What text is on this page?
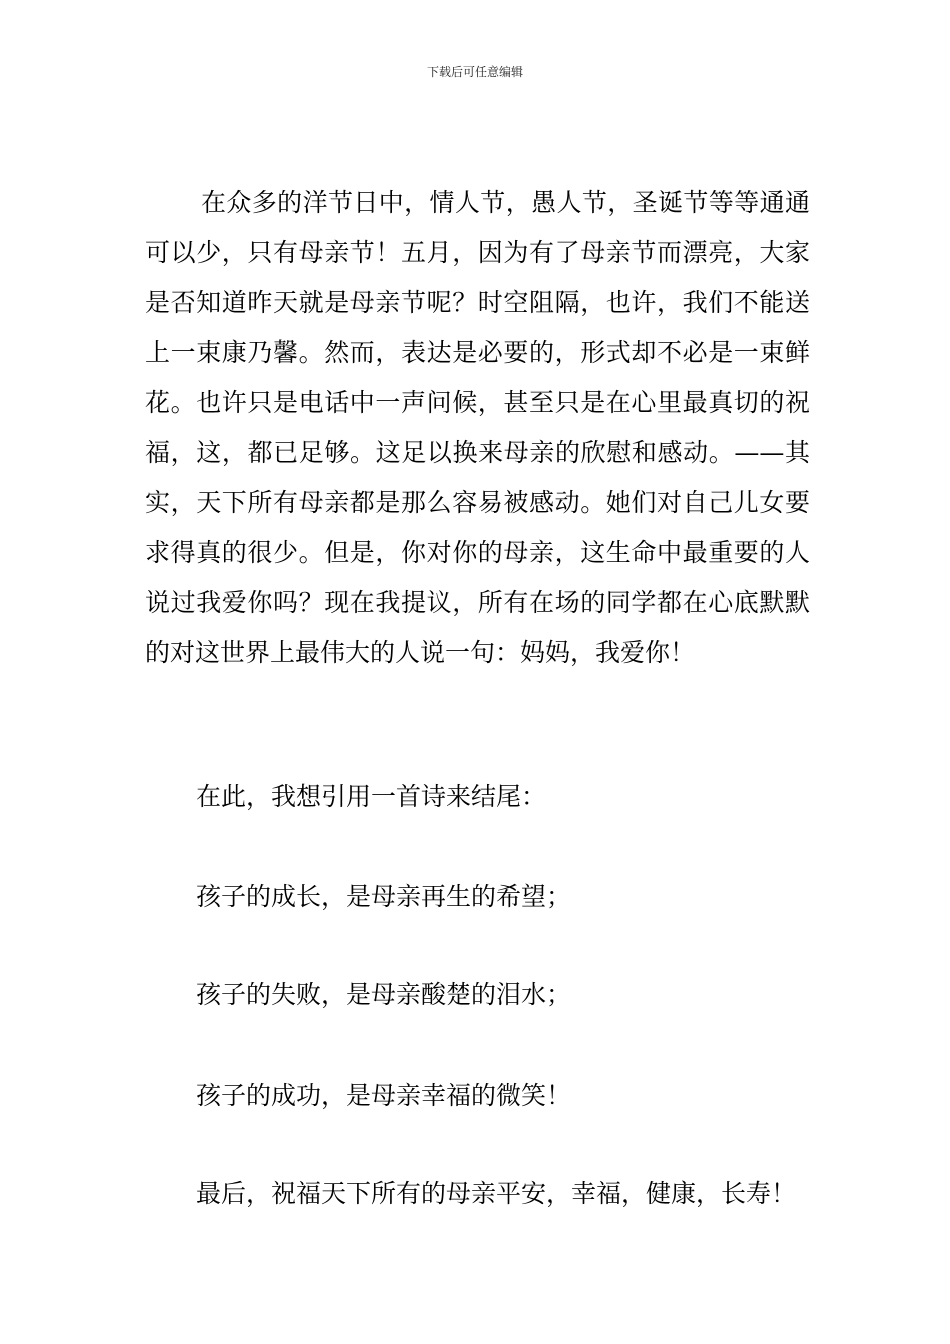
下载后可任意编辑

在众多的洋节日中，情人节，愚人节，圣诞节等等通通可以少，只有母亲节！五月，因为有了母亲节而漂亮，大家是否知道昨天就是母亲节呢？时空阻隔，也许，我们不能送上一束康乃馨。然而，表达是必要的，形式却不必是一束鲜花。也许只是电话中一声问候，甚至只是在心里最真切的祝福，这，都已足够。这足以换来母亲的欣慰和感动。——其实，天下所有母亲都是那么容易被感动。她们对自己儿女要求得真的很少。但是，你对你的母亲，这生命中最重要的人说过我爱你吗？现在我提议，所有在场的同学都在心底默默的对这世界上最伟大的人说一句：妈妈，我爱你！

在此，我想引用一首诗来结尾：

孩子的成长，是母亲再生的希望；

孩子的失败，是母亲酸楚的泪水；

孩子的成功，是母亲幸福的微笑！

最后，祝福天下所有的母亲平安，幸福，健康，长寿！
